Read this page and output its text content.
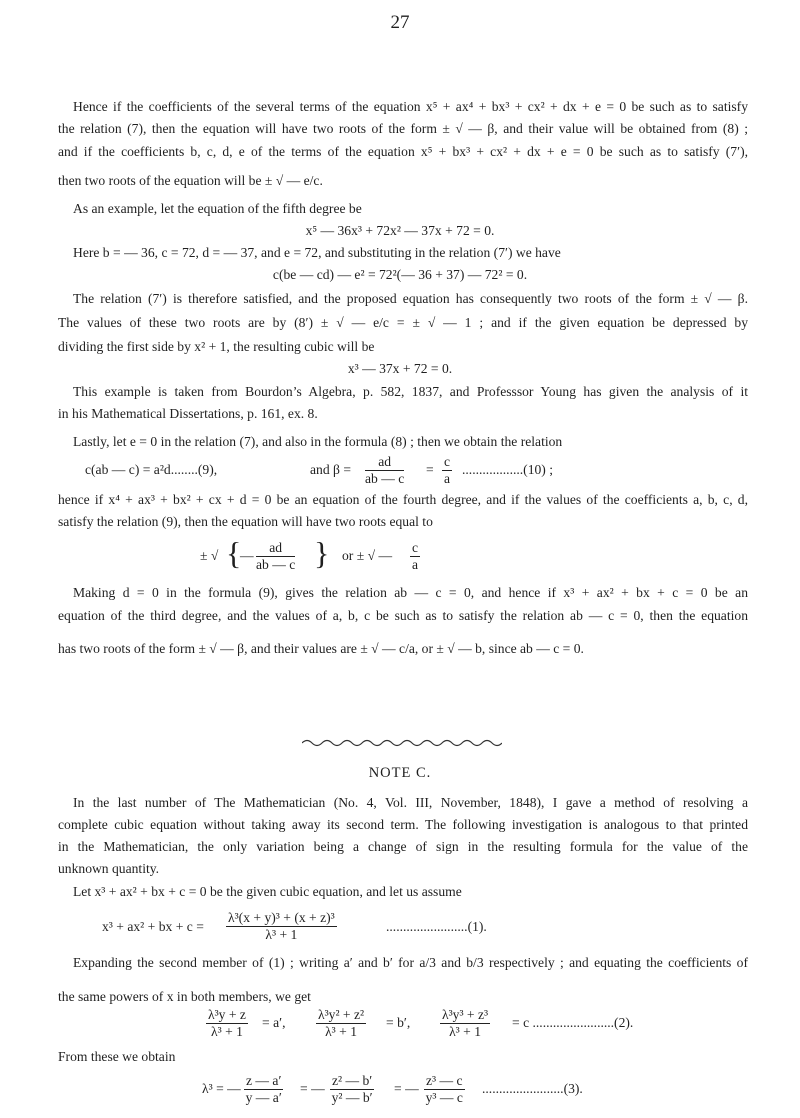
27
Hence if the coefficients of the several terms of the equation x⁵ + ax⁴ + bx³ + cx² + dx + e = 0 be such as to satisfy
the relation (7), then the equation will have two roots of the form ± √ — β, and their value will be obtained from (8) ;
and if the coefficients b, c, d, e of the terms of the equation x⁵ + bx³ + cx² + dx + e = 0 be such as to satisfy (7′),
then two roots of the equation will be ± √ — e/c.
As an example, let the equation of the fifth degree be
x⁵ — 36x³ + 72x² — 37x + 72 = 0.
Here b = — 36, c = 72, d = — 37, and e = 72, and substituting in the relation (7′) we have
c(be — cd) — e² = 72²(— 36 + 37) — 72² = 0.
The relation (7′) is therefore satisfied, and the proposed equation has consequently two roots of the form ± √ — β.
The values of these two roots are by (8′) ± √ — e/c = ± √ — 1 ; and if the given equation be depressed by
dividing the first side by x² + 1, the resulting cubic will be
x³ — 37x + 72 = 0.
This example is taken from Bourdon’s Algebra, p. 582, 1837, and Professsor Young has given the analysis of it
in his Mathematical Dissertations, p. 161, ex. 8.
Lastly, let e = 0 in the relation (7), and also in the formula (8) ; then we obtain the relation
c(ab — c) = a²d........(9),	and $\beta = \frac{ad}{ab — c} = \frac{c}{a} ..................(10)$ ;
hence if x⁴ + ax³ + bx² + cx + d = 0 be an equation of the fourth degree, and if the values of the coefficients a, b, c, d,
satisfy the relation (9), then the equation will have two roots equal to
± √ {
— $\frac{ad}{ab — c}$ } or ± √ — $\frac{c}{a}$
Making d = 0 in the formula (9), gives the relation ab — c = 0, and hence if x³ + ax² + bx + c = 0 be an
equation of the third degree, and the values of a, b, c be such as to satisfy the relation ab — c = 0, then the equation
has two roots of the form ± √ — β, and their values are ± √ — c/a, or ± √ — b, since ab — c = 0.
NOTE C.
In the last number of The Mathematician (No. 4, Vol. III, November, 1848), I gave a method of resolving a
complete cubic equation without taking away its second term. The following investigation is analogous to that printed
in the Mathematician, the only variation being a change of sign in the resulting formula for the value of the
unknown quantity.
Let x³ + ax² + bx + c = 0 be the given cubic equation, and let us assume
x³ + ax² + bx + $c = \frac{\text{λ³(x + y)³ + (x + z)³}}{\text{λ³ + 1}}$	........................(1).
Expanding the second member of (1) ; writing a′ and b′ for a/3 and b/3 respectively ; and equating the coefficients of
the same powers of x in both members, we get
$\frac{\text{λ³y + z}}{\text{λ³ + 1}} = a'$, $\frac{\text{λ³y² + z²}}{\text{λ³ + 1}} = b'$, $\frac{\text{λ³y³ + z³}}{\text{λ³ + 1}} = c$ ........................(2).
From these we obtain
λ³ = — $\frac{z — a'}{y — a'}$ = — $\frac{\text{z² — b′}}{\text{y² — b′}}$ = — $\frac{\text{z³ — c}}{\text{y³ — c}} ........................(3)$.
